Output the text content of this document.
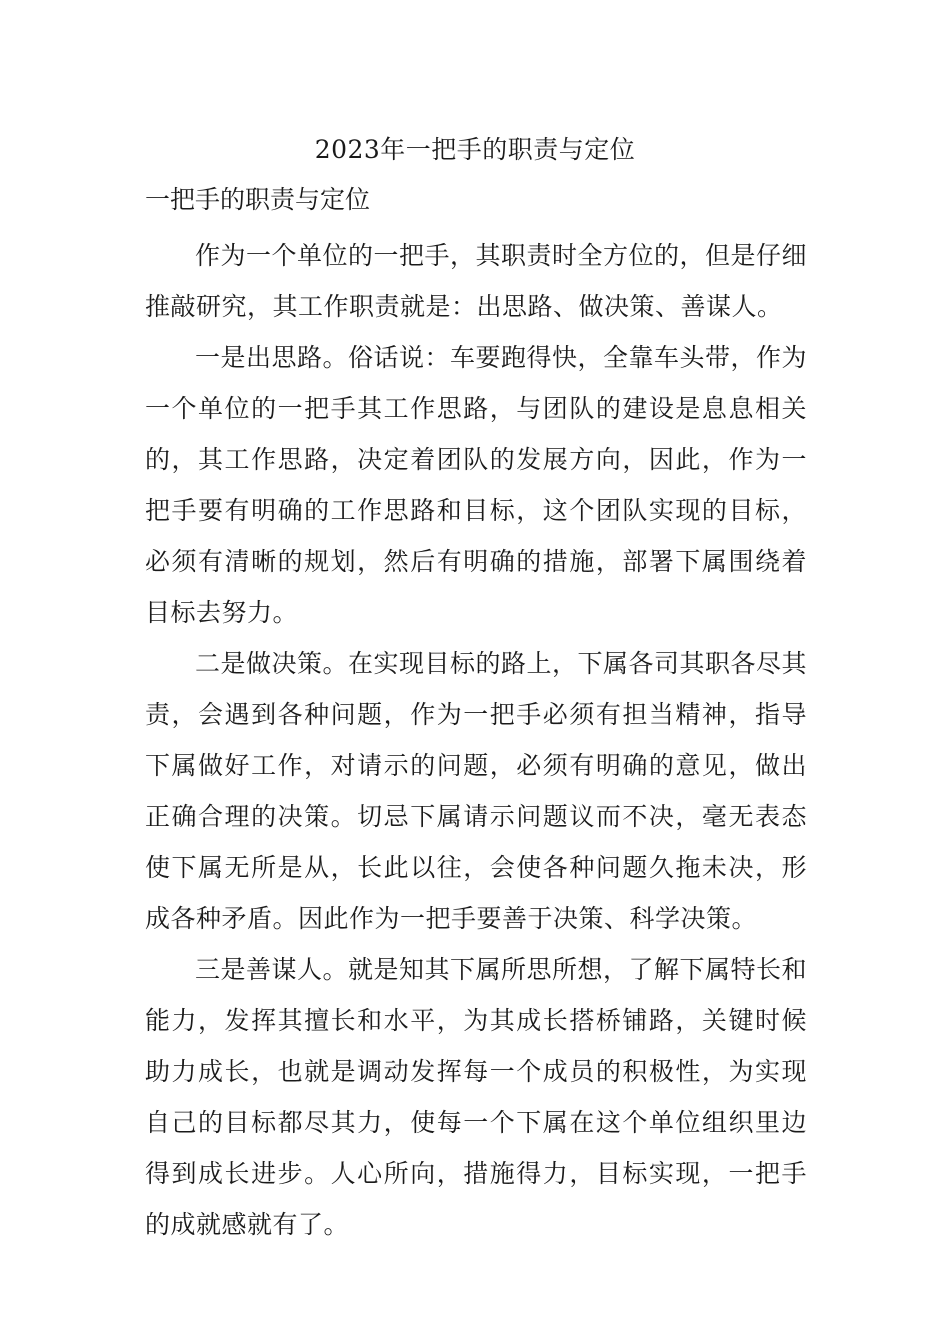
2023年一把手的职责与定位
一把手的职责与定位

作为一个单位的一把手，其职责时全方位的，但是仔细推敲研究，其工作职责就是：出思路、做决策、善谋人。

一是出思路。俗话说：车要跑得快，全靠车头带，作为一个单位的一把手其工作思路，与团队的建设是息息相关的，其工作思路，决定着团队的发展方向，因此，作为一把手要有明确的工作思路和目标，这个团队实现的目标，必须有清晰的规划，然后有明确的措施，部署下属围绕着目标去努力。

二是做决策。在实现目标的路上，下属各司其职各尽其责，会遇到各种问题，作为一把手必须有担当精神，指导下属做好工作，对请示的问题，必须有明确的意见，做出正确合理的决策。切忌下属请示问题议而不决，毫无表态使下属无所是从，长此以往，会使各种问题久拖未决，形成各种矛盾。因此作为一把手要善于决策、科学决策。

三是善谋人。就是知其下属所思所想，了解下属特长和能力，发挥其擅长和水平，为其成长搭桥铺路，关键时候助力成长，也就是调动发挥每一个成员的积极性，为实现自己的目标都尽其力，使每一个下属在这个单位组织里边得到成长进步。人心所向，措施得力，目标实现，一把手的成就感就有了。
